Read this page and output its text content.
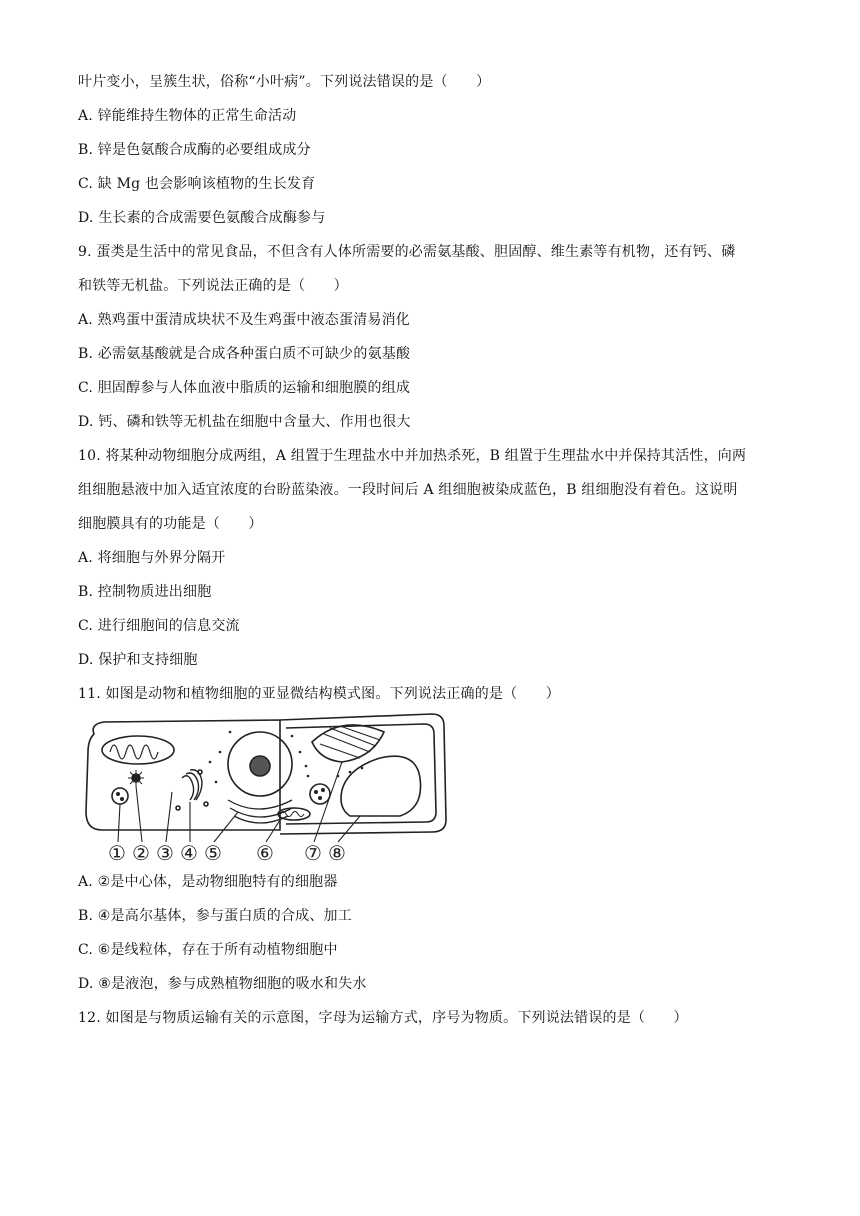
叶片变小，呈簇生状，俗称“小叶病”。下列说法错误的是（　　）
A. 锌能维持生物体的正常生命活动
B. 锌是色氨酸合成酶的必要组成成分
C. 缺 Mg 也会影响该植物的生长发育
D. 生长素的合成需要色氨酸合成酶参与
9. 蛋类是生活中的常见食品，不但含有人体所需要的必需氨基酸、胆固醇、维生素等有机物，还有钙、磷
和铁等无机盐。下列说法正确的是（　　）
A. 熟鸡蛋中蛋清成块状不及生鸡蛋中液态蛋清易消化
B. 必需氨基酸就是合成各种蛋白质不可缺少的氨基酸
C. 胆固醇参与人体血液中脂质的运输和细胞膜的组成
D. 钙、磷和铁等无机盐在细胞中含量大、作用也很大
10. 将某种动物细胞分成两组，A 组置于生理盐水中并加热杀死，B 组置于生理盐水中并保持其活性，向两
组细胞悬液中加入适宜浓度的台盼蓝染液。一段时间后 A 组细胞被染成蓝色，B 组细胞没有着色。这说明
细胞膜具有的功能是（　　）
A. 将细胞与外界分隔开
B. 控制物质进出细胞
C. 进行细胞间的信息交流
D. 保护和支持细胞
11. 如图是动物和植物细胞的亚显微结构模式图。下列说法正确的是（　　）
① ② ③ ④ ⑤ ⑥ ⑦ ⑧
A. ②是中心体，是动物细胞特有的细胞器
B. ④是高尔基体，参与蛋白质的合成、加工
C. ⑥是线粒体，存在于所有动植物细胞中
D. ⑧是液泡，参与成熟植物细胞的吸水和失水
12. 如图是与物质运输有关的示意图，字母为运输方式，序号为物质。下列说法错误的是（　　）
